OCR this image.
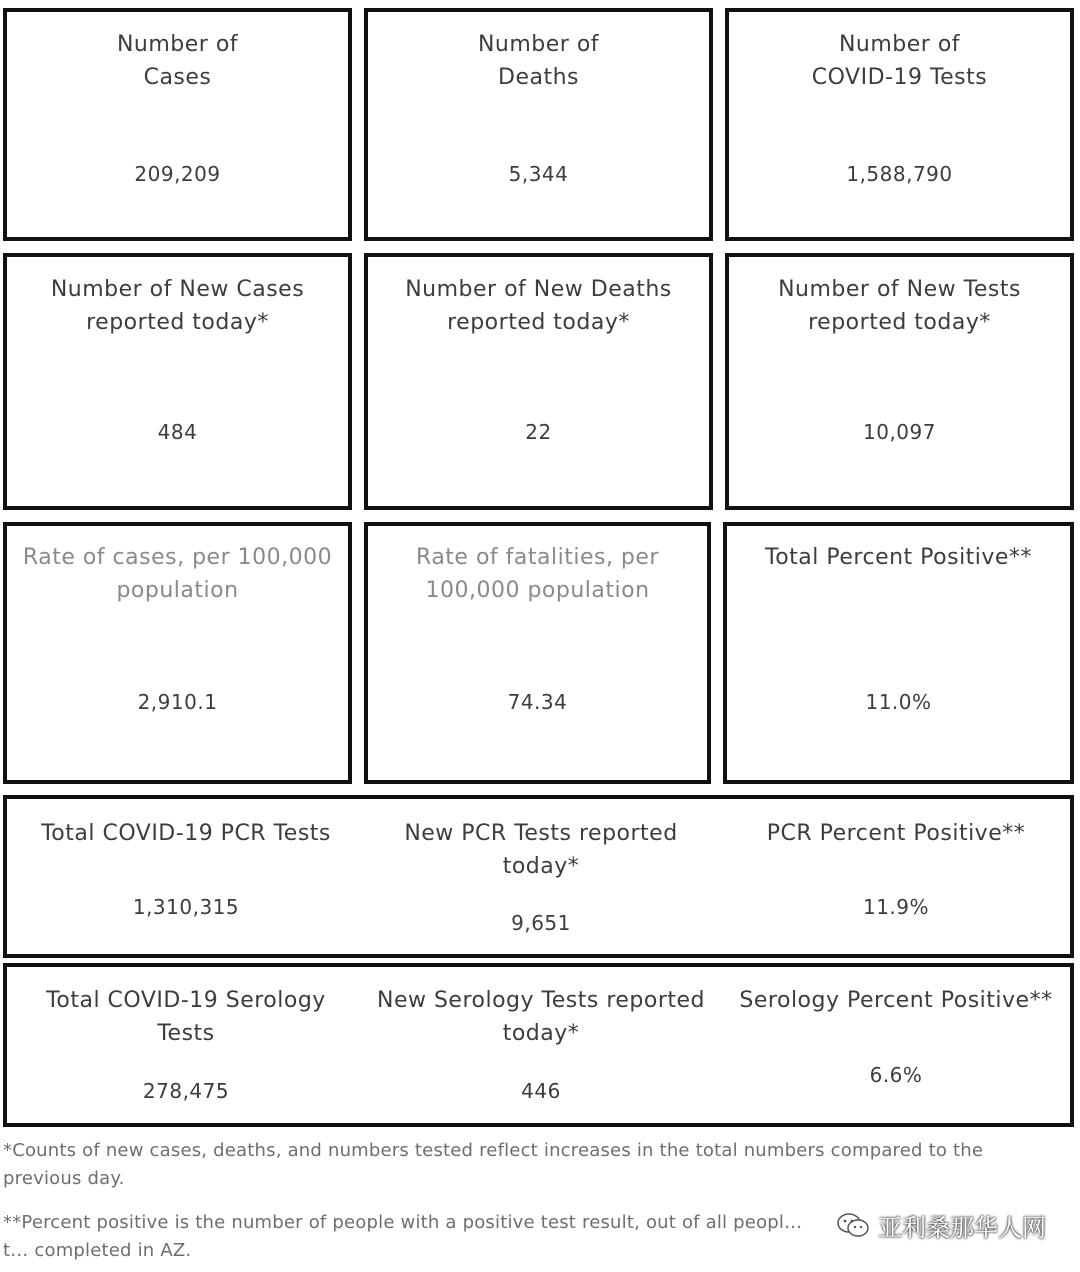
Number of
Cases
209,209
Number of
Deaths
5,344
Number of
COVID-19 Tests
1,588,790
Number of New Cases
reported today*
484
Number of New Deaths
reported today*
22
Number of New Tests
reported today*
10,097
Rate of cases, per 100,000
population
2,910.1
Rate of fatalities, per
100,000 population
74.34
Total Percent Positive**
11.0%
Total COVID-19 PCR Tests
1,310,315
New PCR Tests reported
today*
9,651
PCR Percent Positive**
11.9%
Total COVID-19 Serology
Tests
278,475
New Serology Tests reported
today*
446
Serology Percent Positive**
6.6%
*Counts of new cases, deaths, and numbers tested reflect increases in the total numbers compared to the previous day.
**Percent positive is the number of people with a positive test result, out of all peopl… t… completed in AZ.
亚利桑那华人网
